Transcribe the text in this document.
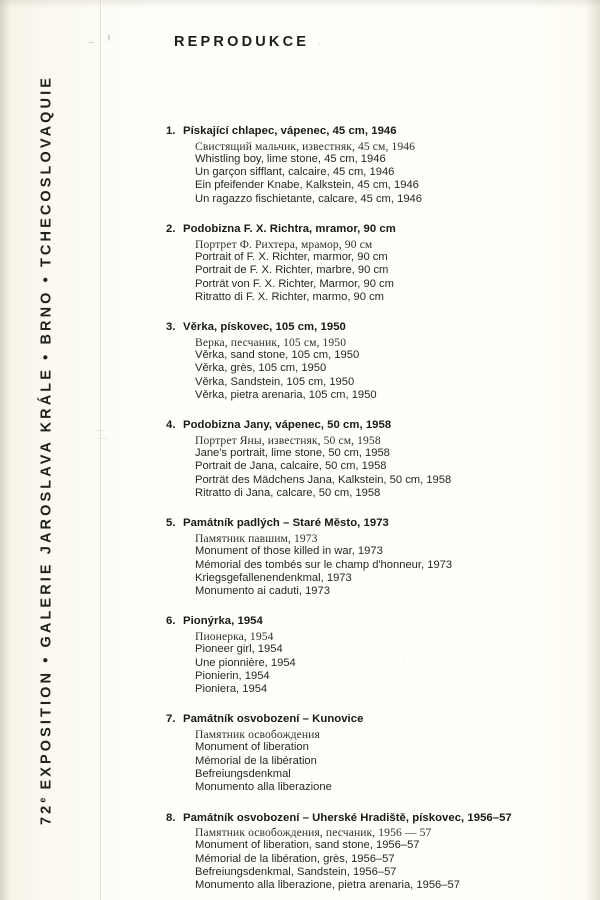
72e EXPOSITION • GALERIE JAROSLAVA KRÁLE • BRNO • TCHECOSLOVAQUIE
REPRODUKCE
1. Pískající chlapec, vápenec, 45 cm, 1946
Свистящий мальчик, известняк, 45 см, 1946
Whistling boy, lime stone, 45 cm, 1946
Un garçon sifflant, calcaire, 45 cm, 1946
Ein pfeifender Knabe, Kalkstein, 45 cm, 1946
Un ragazzo fischietante, calcare, 45 cm, 1946
2. Podobizna F. X. Richtra, mramor, 90 cm
Портрет Ф. Рихтера, мрамор, 90 см
Portrait of F. X. Richter, marmor, 90 cm
Portrait de F. X. Richter, marbre, 90 cm
Porträt von F. X. Richter, Marmor, 90 cm
Ritratto di F. X. Richter, marmo, 90 cm
3. Věrka, pískovec, 105 cm, 1950
Верка, песчаник, 105 см, 1950
Věrka, sand stone, 105 cm, 1950
Věrka, grès, 105 cm, 1950
Věrka, Sandstein, 105 cm, 1950
Věrka, pietra arenaria, 105 cm, 1950
4. Podobizna Jany, vápenec, 50 cm, 1958
Портрет Яны, известняк, 50 см, 1958
Jane's portrait, lime stone, 50 cm, 1958
Portrait de Jana, calcaire, 50 cm, 1958
Porträt des Mädchens Jana, Kalkstein, 50 cm, 1958
Ritratto di Jana, calcare, 50 cm, 1958
5. Památník padlých – Staré Město, 1973
Памятник павшим, 1973
Monument of those killed in war, 1973
Mémorial des tombés sur le champ d'honneur, 1973
Kriegsgefallenendenkmal, 1973
Monumento ai caduti, 1973
6. Pionýrka, 1954
Пионерка, 1954
Pioneer girl, 1954
Une pionnière, 1954
Pionierin, 1954
Pioniera, 1954
7. Památník osvobození – Kunovice
Памятник освобождения
Monument of liberation
Mémorial de la libération
Befreiungsdenkmal
Monumento alla liberazione
8. Památník osvobození – Uherské Hradiště, pískovec, 1956–57
Памятник освобождения, песчаник, 1956 — 57
Monument of liberation, sand stone, 1956–57
Mémorial de la libération, grès, 1956–57
Befreiungsdenkmal, Sandstein, 1956–57
Monumento alla liberazione, pietra arenaria, 1956–57
